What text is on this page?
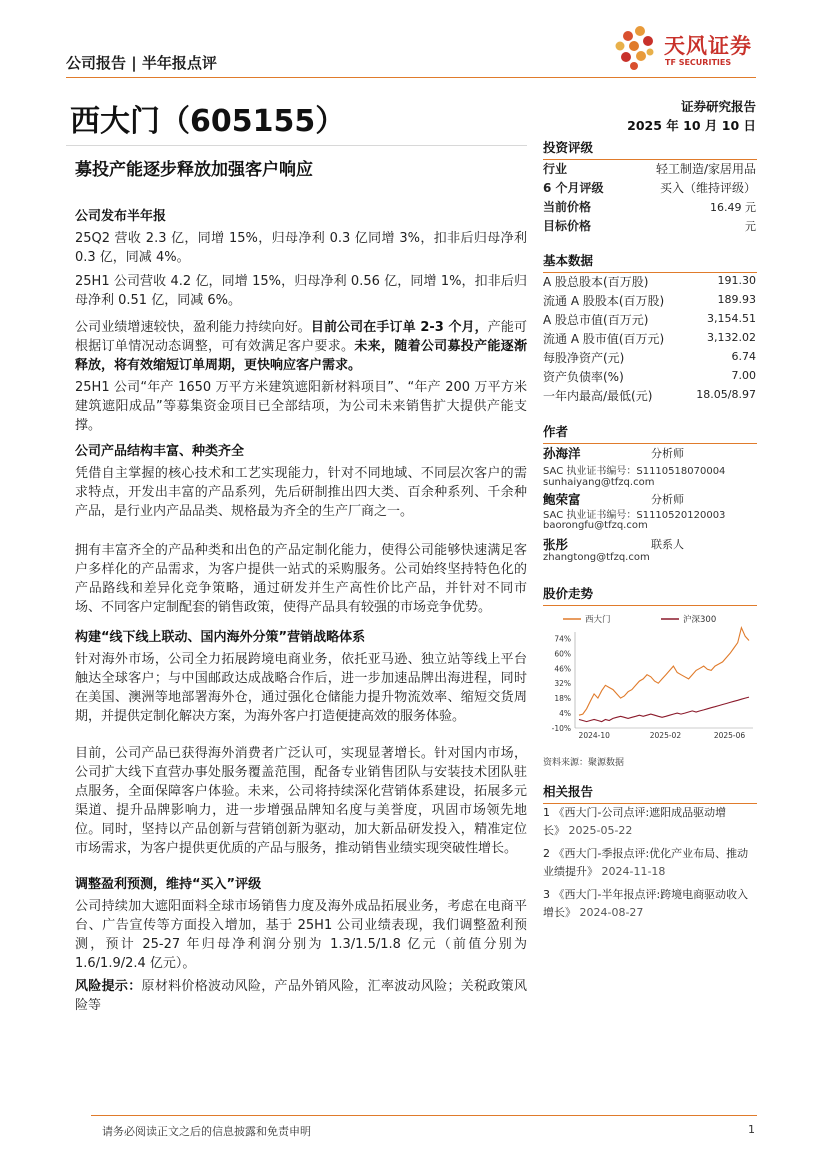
公司报告 | 半年报点评
天风证券
TF SECURITIES
西大门（605155）
募投产能逐步释放加强客户响应
证券研究报告
2025 年 10 月 10 日
投资评级
行业	轻工制造/家居用品
6 个月评级	买入（维持评级）
当前价格	16.49 元
目标价格	元
基本数据
A 股总股本(百万股)	191.30
流通 A 股股本(百万股)	189.93
A 股总市值(百万元)	3,154.51
流通 A 股市值(百万元)	3,132.02
每股净资产(元)	6.74
资产负债率(%)	7.00
一年内最高/最低(元)	18.05/8.97
作者
孙海洋	分析师
SAC 执业证书编号：S1110518070004
sunhaiyang@tfzq.com
鲍荣富	分析师
SAC 执业证书编号：S1110520120003
baorongfu@tfzq.com
张彤	联系人
zhangtong@tfzq.com
股价走势
西大门	沪深300
74%
60%
46%
32%
18%
4%
-10%
2024-10	2025-02	2025-06
资料来源：聚源数据
相关报告
1 《西大门-公司点评:遮阳成品驱动增长》 2025-05-22
2 《西大门-季报点评:优化产业布局、推动业绩提升》 2024-11-18
3 《西大门-半年报点评:跨境电商驱动收入增长》 2024-08-27
公司发布半年报
25Q2 营收 2.3 亿，同增 15%，归母净利 0.3 亿同增 3%，扣非后归母净利 0.3 亿，同减 4%。
25H1 公司营收 4.2 亿，同增 15%，归母净利 0.56 亿，同增 1%，扣非后归母净利 0.51 亿，同减 6%。
公司业绩增速较快，盈利能力持续向好。目前公司在手订单 2-3 个月，产能可根据订单情况动态调整，可有效满足客户要求。未来，随着公司募投产能逐渐释放，将有效缩短订单周期，更快响应客户需求。
25H1 公司“年产 1650 万平方米建筑遮阳新材料项目”、“年产 200 万平方米建筑遮阳成品”等募集资金项目已全部结项，为公司未来销售扩大提供产能支撑。
公司产品结构丰富、种类齐全
凭借自主掌握的核心技术和工艺实现能力，针对不同地域、不同层次客户的需求特点，开发出丰富的产品系列，先后研制推出四大类、百余种系列、千余种产品，是行业内产品品类、规格最为齐全的生产厂商之一。
拥有丰富齐全的产品种类和出色的产品定制化能力，使得公司能够快速满足客户多样化的产品需求，为客户提供一站式的采购服务。公司始终坚持特色化的产品路线和差异化竞争策略，通过研发并生产高性价比产品，并针对不同市场、不同客户定制配套的销售政策，使得产品具有较强的市场竞争优势。
构建“线下线上联动、国内海外分策”营销战略体系
针对海外市场，公司全力拓展跨境电商业务，依托亚马逊、独立站等线上平台触达全球客户；与中国邮政达成战略合作后，进一步加速品牌出海进程，同时在美国、澳洲等地部署海外仓，通过强化仓储能力提升物流效率、缩短交货周期，并提供定制化解决方案，为海外客户打造便捷高效的服务体验。
目前，公司产品已获得海外消费者广泛认可，实现显著增长。针对国内市场，公司扩大线下直营办事处服务覆盖范围，配备专业销售团队与安装技术团队驻点服务，全面保障客户体验。未来，公司将持续深化营销体系建设，拓展多元渠道、提升品牌影响力，进一步增强品牌知名度与美誉度，巩固市场领先地位。同时，坚持以产品创新与营销创新为驱动，加大新品研发投入，精准定位市场需求，为客户提供更优质的产品与服务，推动销售业绩实现突破性增长。
调整盈利预测，维持“买入”评级
公司持续加大遮阳面料全球市场销售力度及海外成品拓展业务，考虑在电商平台、广告宣传等方面投入增加，基于 25H1 公司业绩表现，我们调整盈利预测，预计 25-27 年归母净利润分别为 1.3/1.5/1.8 亿元（前值分别为 1.6/1.9/2.4 亿元）。
风险提示：原材料价格波动风险，产品外销风险，汇率波动风险；关税政策风险等
请务必阅读正文之后的信息披露和免责申明	1
